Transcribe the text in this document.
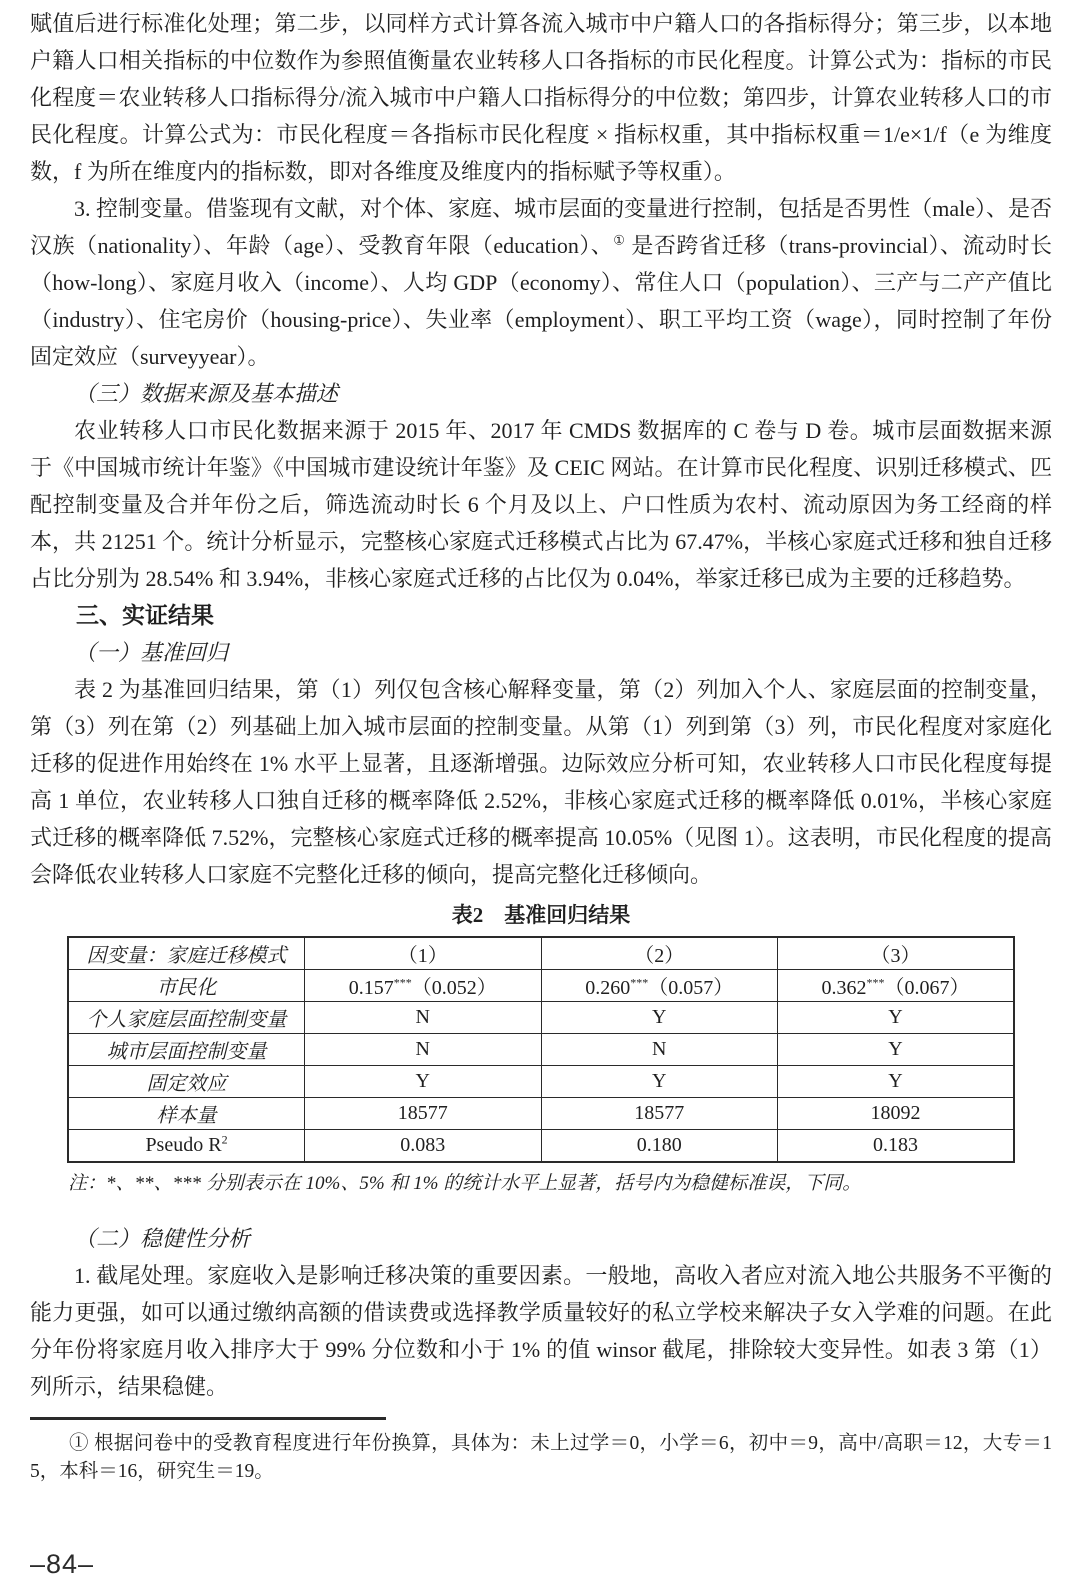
赋值后进行标准化处理；第二步，以同样方式计算各流入城市中户籍人口的各指标得分；第三步，以本地户籍人口相关指标的中位数作为参照值衡量农业转移人口各指标的市民化程度。计算公式为：指标的市民化程度＝农业转移人口指标得分/流入城市中户籍人口指标得分的中位数；第四步，计算农业转移人口的市民化程度。计算公式为：市民化程度＝各指标市民化程度 × 指标权重，其中指标权重＝1/e×1/f（e 为维度数，f 为所在维度内的指标数，即对各维度及维度内的指标赋予等权重）。

3. 控制变量。借鉴现有文献，对个体、家庭、城市层面的变量进行控制，包括是否男性（male）、是否汉族（nationality）、年龄（age）、受教育年限（education）、① 是否跨省迁移（trans-provincial）、流动时长（how-long）、家庭月收入（income）、人均 GDP（economy）、常住人口（population）、三产与二产产值比（industry）、住宅房价（housing-price）、失业率（employment）、职工平均工资（wage），同时控制了年份固定效应（surveyyear）。

（三）数据来源及基本描述

农业转移人口市民化数据来源于 2015 年、2017 年 CMDS 数据库的 C 卷与 D 卷。城市层面数据来源于《中国城市统计年鉴》《中国城市建设统计年鉴》及 CEIC 网站。在计算市民化程度、识别迁移模式、匹配控制变量及合并年份之后，筛选流动时长 6 个月及以上、户口性质为农村、流动原因为务工经商的样本，共 21251 个。统计分析显示，完整核心家庭式迁移模式占比为 67.47%，半核心家庭式迁移和独自迁移占比分别为 28.54% 和 3.94%，非核心家庭式迁移的占比仅为 0.04%，举家迁移已成为主要的迁移趋势。

三、实证结果

（一）基准回归

表 2 为基准回归结果，第（1）列仅包含核心解释变量，第（2）列加入个人、家庭层面的控制变量，第（3）列在第（2）列基础上加入城市层面的控制变量。从第（1）列到第（3）列，市民化程度对家庭化迁移的促进作用始终在 1% 水平上显著，且逐渐增强。边际效应分析可知，农业转移人口市民化程度每提高 1 单位，农业转移人口独自迁移的概率降低 2.52%，非核心家庭式迁移的概率降低 0.01%，半核心家庭式迁移的概率降低 7.52%，完整核心家庭式迁移的概率提高 10.05%（见图 1）。这表明，市民化程度的提高会降低农业转移人口家庭不完整化迁移的倾向，提高完整化迁移倾向。

表2　基准回归结果
因变量：家庭迁移模式	（1）	（2）	（3）
市民化	0.157***（0.052）	0.260***（0.057）	0.362***（0.067）
个人家庭层面控制变量	N	Y	Y
城市层面控制变量	N	N	Y
固定效应	Y	Y	Y
样本量	18577	18577	18092
Pseudo $R^2$	0.083	0.180	0.183

注：*、**、*** 分别表示在 10%、5% 和 1% 的统计水平上显著，括号内为稳健标准误，下同。

（二）稳健性分析

1. 截尾处理。家庭收入是影响迁移决策的重要因素。一般地，高收入者应对流入地公共服务不平衡的能力更强，如可以通过缴纳高额的借读费或选择教学质量较好的私立学校来解决子女入学难的问题。在此分年份将家庭月收入排序大于 99% 分位数和小于 1% 的值 winsor 截尾，排除较大变异性。如表 3 第（1）列所示，结果稳健。

① 根据问卷中的受教育程度进行年份换算，具体为：未上过学＝0，小学＝6，初中＝9，高中/高职＝12，大专＝15，本科＝16，研究生＝19。

–84–
